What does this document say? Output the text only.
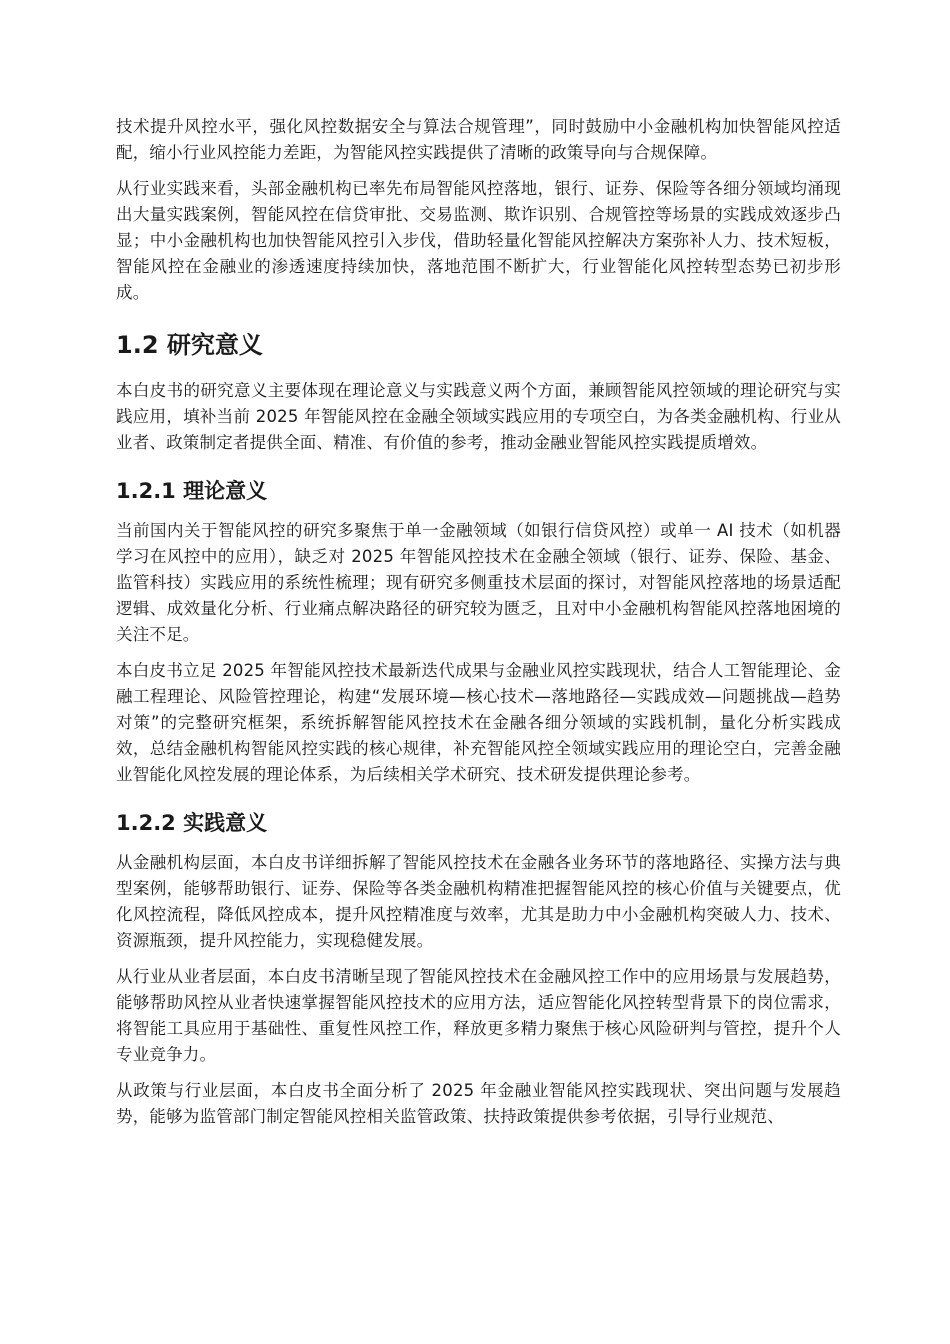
技术提升风控水平，强化风控数据安全与算法合规管理”，同时鼓励中小金融机构加快智能风控适配，缩小行业风控能力差距，为智能风控实践提供了清晰的政策导向与合规保障。

从行业实践来看，头部金融机构已率先布局智能风控落地，银行、证券、保险等各细分领域均涌现出大量实践案例，智能风控在信贷审批、交易监测、欺诈识别、合规管控等场景的实践成效逐步凸显；中小金融机构也加快智能风控引入步伐，借助轻量化智能风控解决方案弥补人力、技术短板，智能风控在金融业的渗透速度持续加快，落地范围不断扩大，行业智能化风控转型态势已初步形成。

1.2 研究意义

本白皮书的研究意义主要体现在理论意义与实践意义两个方面，兼顾智能风控领域的理论研究与实践应用，填补当前 2025 年智能风控在金融全领域实践应用的专项空白，为各类金融机构、行业从业者、政策制定者提供全面、精准、有价值的参考，推动金融业智能风控实践提质增效。

1.2.1 理论意义

当前国内关于智能风控的研究多聚焦于单一金融领域（如银行信贷风控）或单一 AI 技术（如机器学习在风控中的应用），缺乏对 2025 年智能风控技术在金融全领域（银行、证券、保险、基金、监管科技）实践应用的系统性梳理；现有研究多侧重技术层面的探讨，对智能风控落地的场景适配逻辑、成效量化分析、行业痛点解决路径的研究较为匮乏，且对中小金融机构智能风控落地困境的关注不足。

本白皮书立足 2025 年智能风控技术最新迭代成果与金融业风控实践现状，结合人工智能理论、金融工程理论、风险管控理论，构建“发展环境—核心技术—落地路径—实践成效—问题挑战—趋势对策”的完整研究框架，系统拆解智能风控技术在金融各细分领域的实践机制，量化分析实践成效，总结金融机构智能风控实践的核心规律，补充智能风控全领域实践应用的理论空白，完善金融业智能化风控发展的理论体系，为后续相关学术研究、技术研发提供理论参考。

1.2.2 实践意义

从金融机构层面，本白皮书详细拆解了智能风控技术在金融各业务环节的落地路径、实操方法与典型案例，能够帮助银行、证券、保险等各类金融机构精准把握智能风控的核心价值与关键要点，优化风控流程，降低风控成本，提升风控精准度与效率，尤其是助力中小金融机构突破人力、技术、资源瓶颈，提升风控能力，实现稳健发展。

从行业从业者层面，本白皮书清晰呈现了智能风控技术在金融风控工作中的应用场景与发展趋势，能够帮助风控从业者快速掌握智能风控技术的应用方法，适应智能化风控转型背景下的岗位需求，将智能工具应用于基础性、重复性风控工作，释放更多精力聚焦于核心风险研判与管控，提升个人专业竞争力。

从政策与行业层面，本白皮书全面分析了 2025 年金融业智能风控实践现状、突出问题与发展趋势，能够为监管部门制定智能风控相关监管政策、扶持政策提供参考依据，引导行业规范、
